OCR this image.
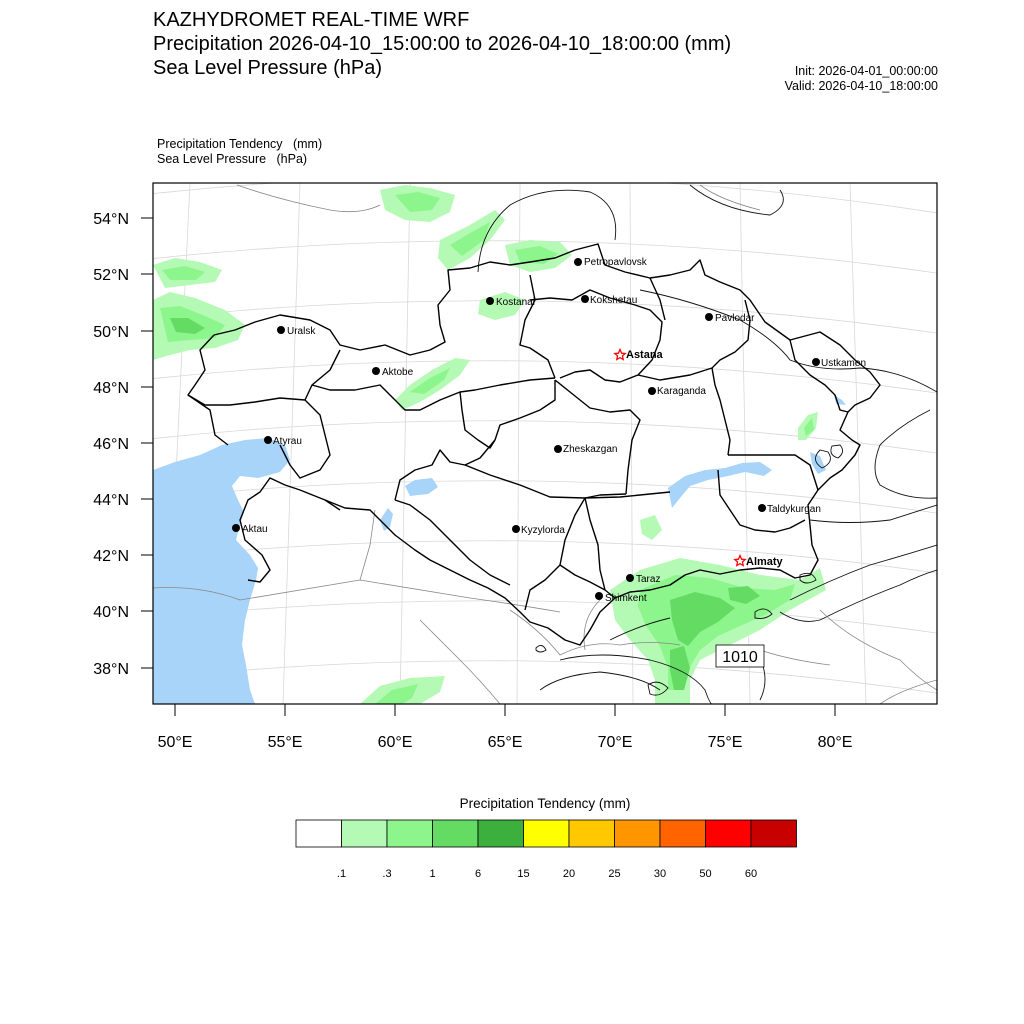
KAZHYDROMET REAL-TIME WRF
Precipitation 2026-04-10_15:00:00 to 2026-04-10_18:00:00 (mm)
Sea Level Pressure (hPa)	Init: 2026-04-01_00:00:00
Valid: 2026-04-10_18:00:00
Precipitation Tendency   (mm)
Sea Level Pressure   (hPa)
54°N
52°N
50°N
48°N
46°N
44°N
42°N
40°N
38°N
50°E	55°E	60°E	65°E	70°E	75°E	80°E
1010
Petropavlovsk
Kostanai	Kokshetau
Pavlodar
Uralsk
Astana
Aktobe
Ustkamen
Karaganda
Atyrau
Zheskazgan
Taldykurgan
Aktau	Kyzylorda
Almaty
Taraz
Shimkent
.1	.3	1	6	15	20	25	30	50	60
Precipitation Tendency (mm)
